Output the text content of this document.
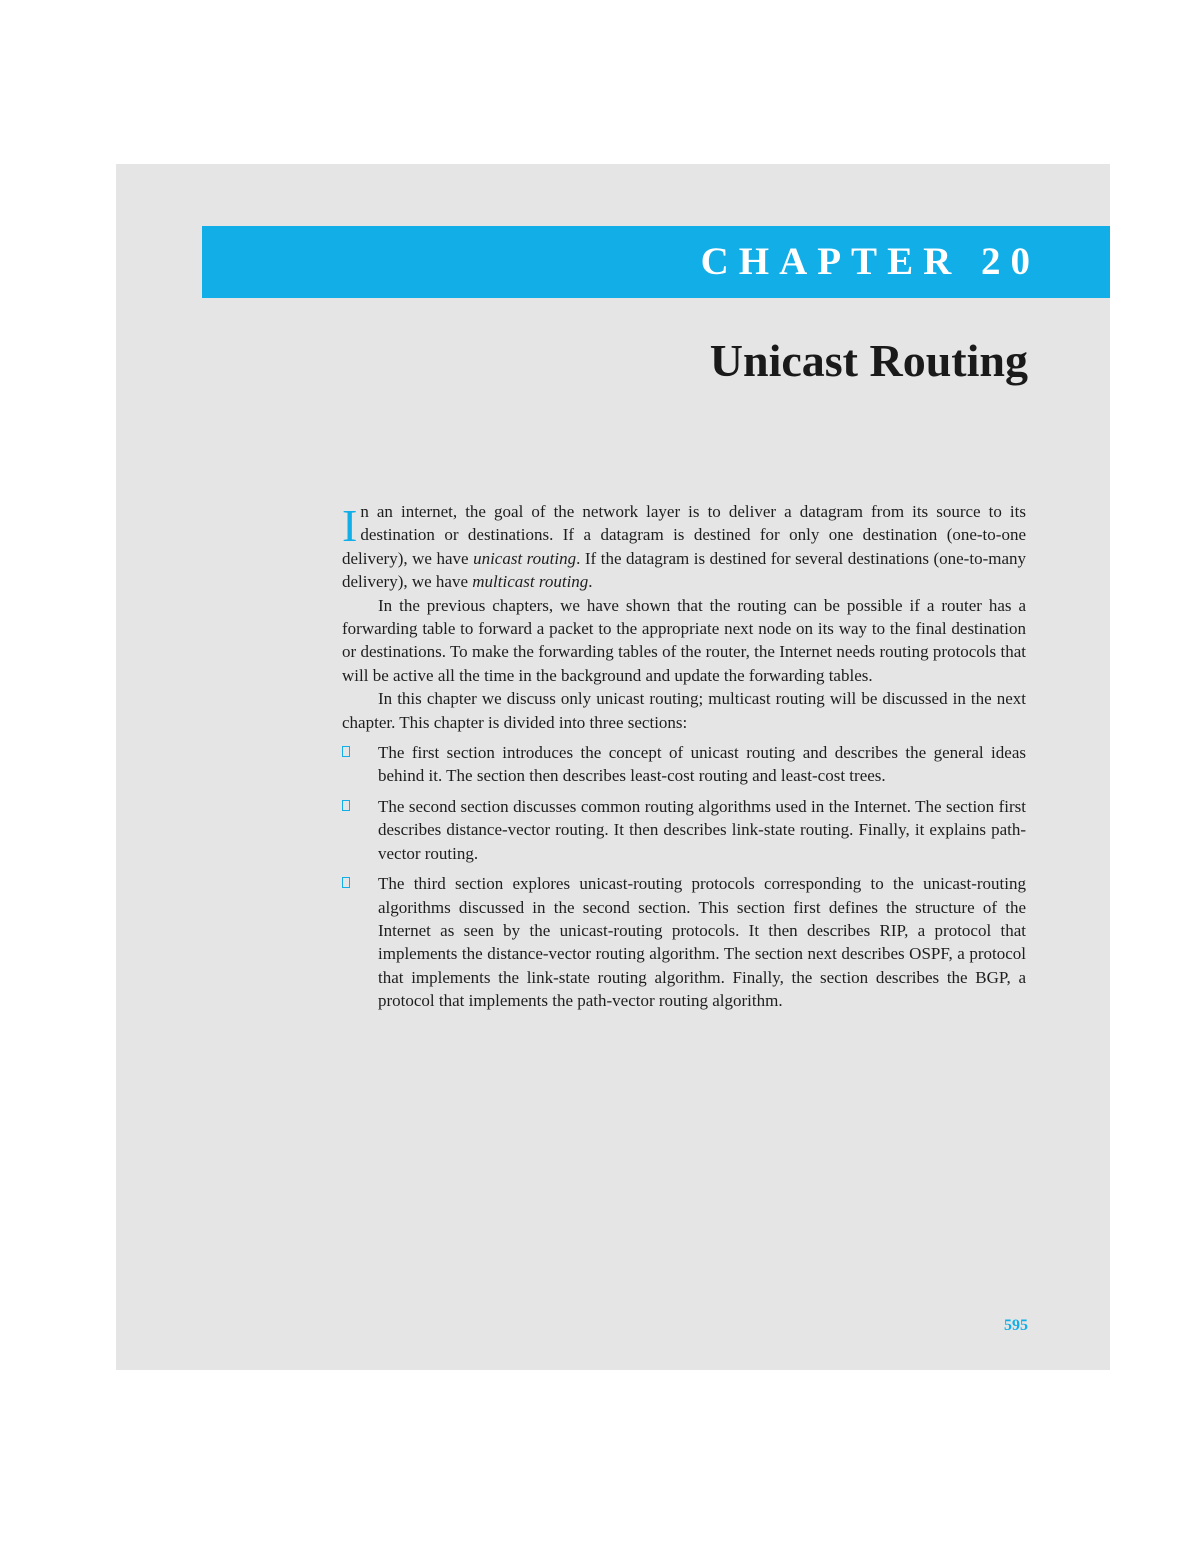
CHAPTER 20
Unicast Routing

In an internet, the goal of the network layer is to deliver a datagram from its source to its destination or destinations. If a datagram is destined for only one destination (one-to-one delivery), we have unicast routing. If the datagram is destined for several destinations (one-to-many delivery), we have multicast routing.

In the previous chapters, we have shown that the routing can be possible if a router has a forwarding table to forward a packet to the appropriate next node on its way to the final destination or destinations. To make the forwarding tables of the router, the Internet needs routing protocols that will be active all the time in the background and update the forwarding tables.

In this chapter we discuss only unicast routing; multicast routing will be discussed in the next chapter. This chapter is divided into three sections:

The first section introduces the concept of unicast routing and describes the general ideas behind it. The section then describes least-cost routing and least-cost trees.
The second section discusses common routing algorithms used in the Internet. The section first describes distance-vector routing. It then describes link-state routing. Finally, it explains path-vector routing.
The third section explores unicast-routing protocols corresponding to the unicast-routing algorithms discussed in the second section. This section first defines the structure of the Internet as seen by the unicast-routing protocols. It then describes RIP, a protocol that implements the distance-vector routing algorithm. The section next describes OSPF, a protocol that implements the link-state routing algorithm. Finally, the section describes the BGP, a protocol that implements the path-vector routing algorithm.
595
